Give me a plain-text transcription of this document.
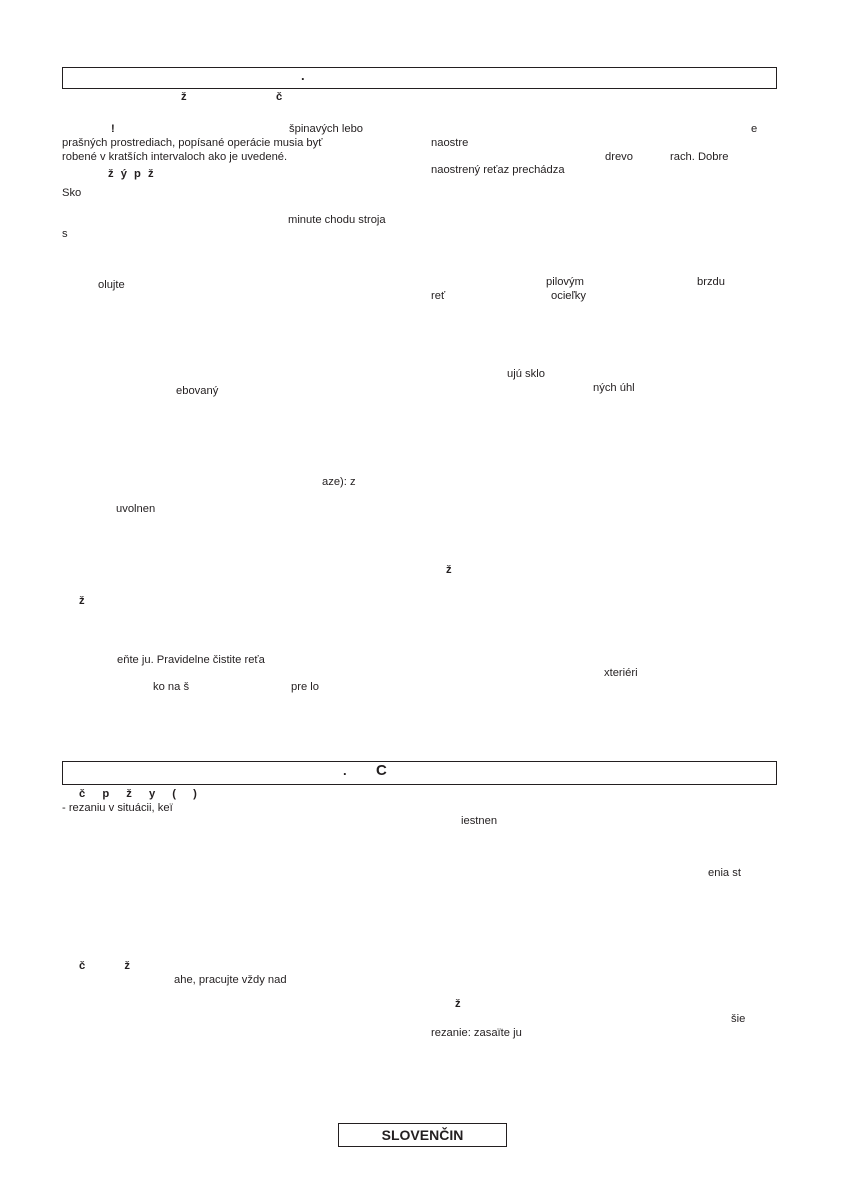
.
ž	č
!	špinavých lebo
prašných prostrediach, popísané operácie musia byť
robené v kratších intervaloch ako je uvedené.
ž ý p ž
Sko
minute chodu stroja
s
olujte
ebovaný
aze): z
uvolnen
ž
eňte ju. Pravidelne čistite reťa
ko na š	pre lo
e
naostre
drevo	rach. Dobre
naostrený reťaz prechádza
pilovým	brzdu
reť	ocieľky
ujú sklo
ných úhl
ž
xteriéri
. C
č p ž y ( )
- rezaniu v situácii, keï
č ž
ahe, pracujte vždy nad
iestnen
enia st
ž
šie
rezanie: zasaïte ju
SLOVENČIN
